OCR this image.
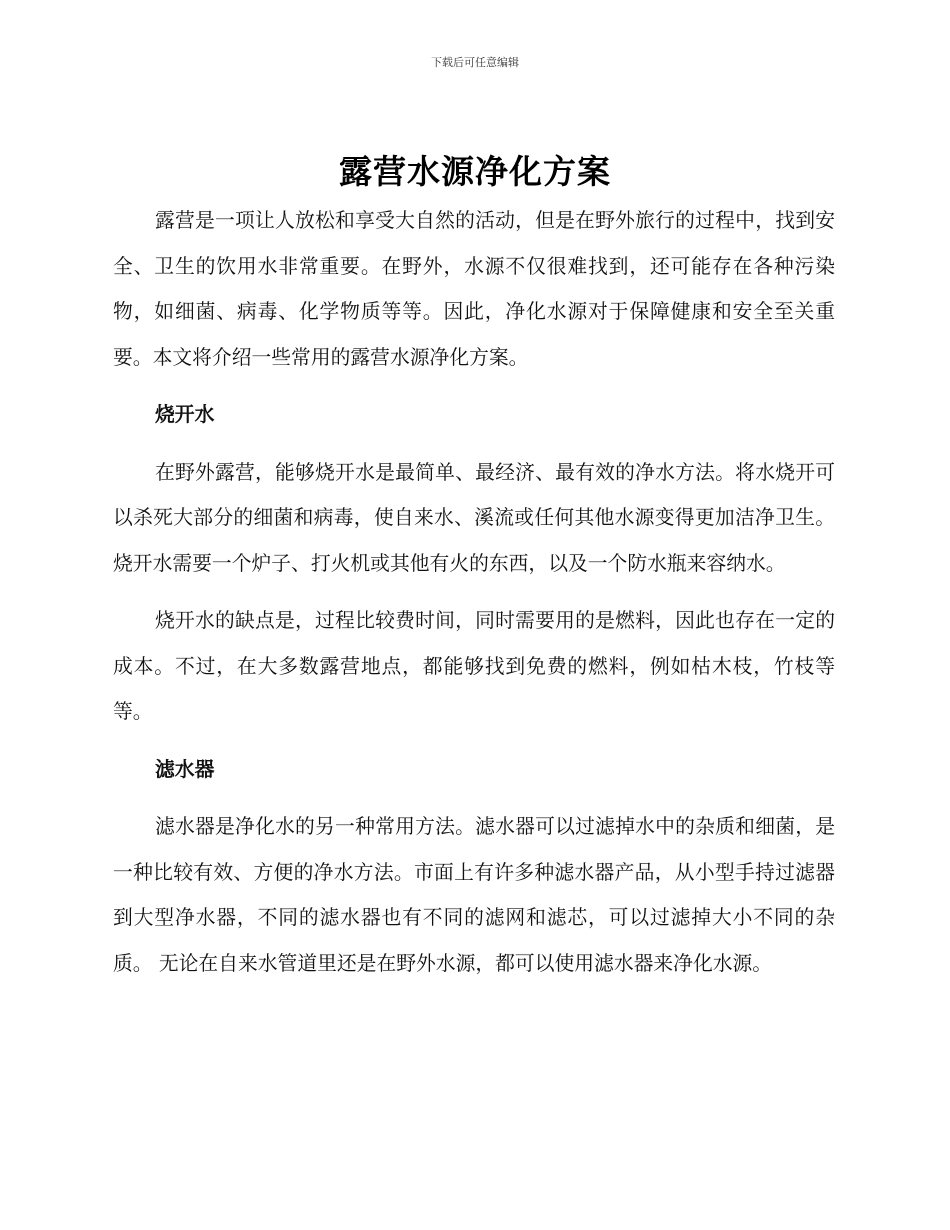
下载后可任意编辑
露营水源净化方案

露营是一项让人放松和享受大自然的活动，但是在野外旅行的过程中，找到安全、卫生的饮用水非常重要。在野外，水源不仅很难找到，还可能存在各种污染物，如细菌、病毒、化学物质等等。因此，净化水源对于保障健康和安全至关重要。本文将介绍一些常用的露营水源净化方案。

烧开水

在野外露营，能够烧开水是最简单、最经济、最有效的净水方法。将水烧开可以杀死大部分的细菌和病毒，使自来水、溪流或任何其他水源变得更加洁净卫生。烧开水需要一个炉子、打火机或其他有火的东西，以及一个防水瓶来容纳水。

烧开水的缺点是，过程比较费时间，同时需要用的是燃料，因此也存在一定的成本。不过，在大多数露营地点，都能够找到免费的燃料，例如枯木枝，竹枝等等。

滤水器

滤水器是净化水的另一种常用方法。滤水器可以过滤掉水中的杂质和细菌，是一种比较有效、方便的净水方法。市面上有许多种滤水器产品，从小型手持过滤器到大型净水器，不同的滤水器也有不同的滤网和滤芯，可以过滤掉大小不同的杂质。 无论在自来水管道里还是在野外水源，都可以使用滤水器来净化水源。
